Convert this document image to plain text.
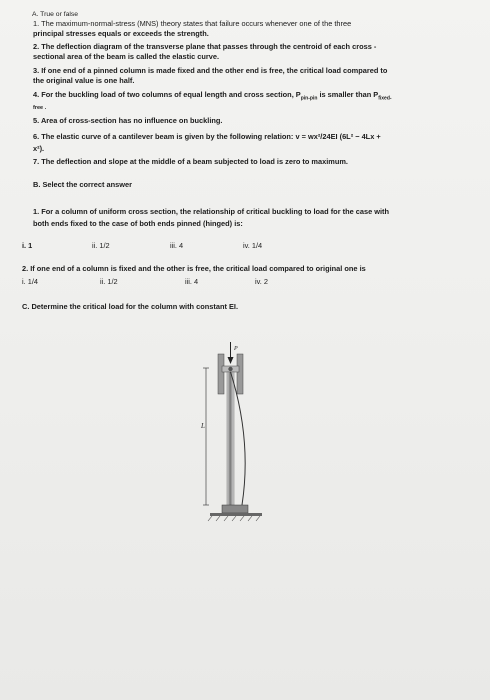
A. True or false
1. The maximum-normal-stress (MNS) theory states that failure occurs whenever one of the three
principal stresses equals or exceeds the strength.
2. The deflection diagram of the transverse plane that passes through the centroid of each cross -
sectional area of the beam is called the elastic curve.
3. If one end of a pinned column is made fixed and the other end is free, the critical load compared to
the original value is one half.
4. For the buckling load of two columns of equal length and cross section, $P_{pin-pin}$ is smaller than $P_{fixed-}$
free .
5. Area of cross-section has no influence on buckling.
6. The elastic curve of a cantilever beam is given by the following relation: v = wx²/24EI (6L² − 4Lx +
x²).
7. The deflection and slope at the middle of a beam subjected to load is zero to maximum.
B. Select the correct answer
1. For a column of uniform cross section, the relationship of critical buckling to load for the case with
both ends fixed to the case of both ends pinned (hinged) is:
i. 1	ii. 1/2	iii. 4	iv. 1/4
2. If one end of a column is fixed and the other is free, the critical load compared to original one is
i. 1/4	ii. 1/2	iii. 4	iv. 2
C. Determine the critical load for the column with constant EI.
P
L
